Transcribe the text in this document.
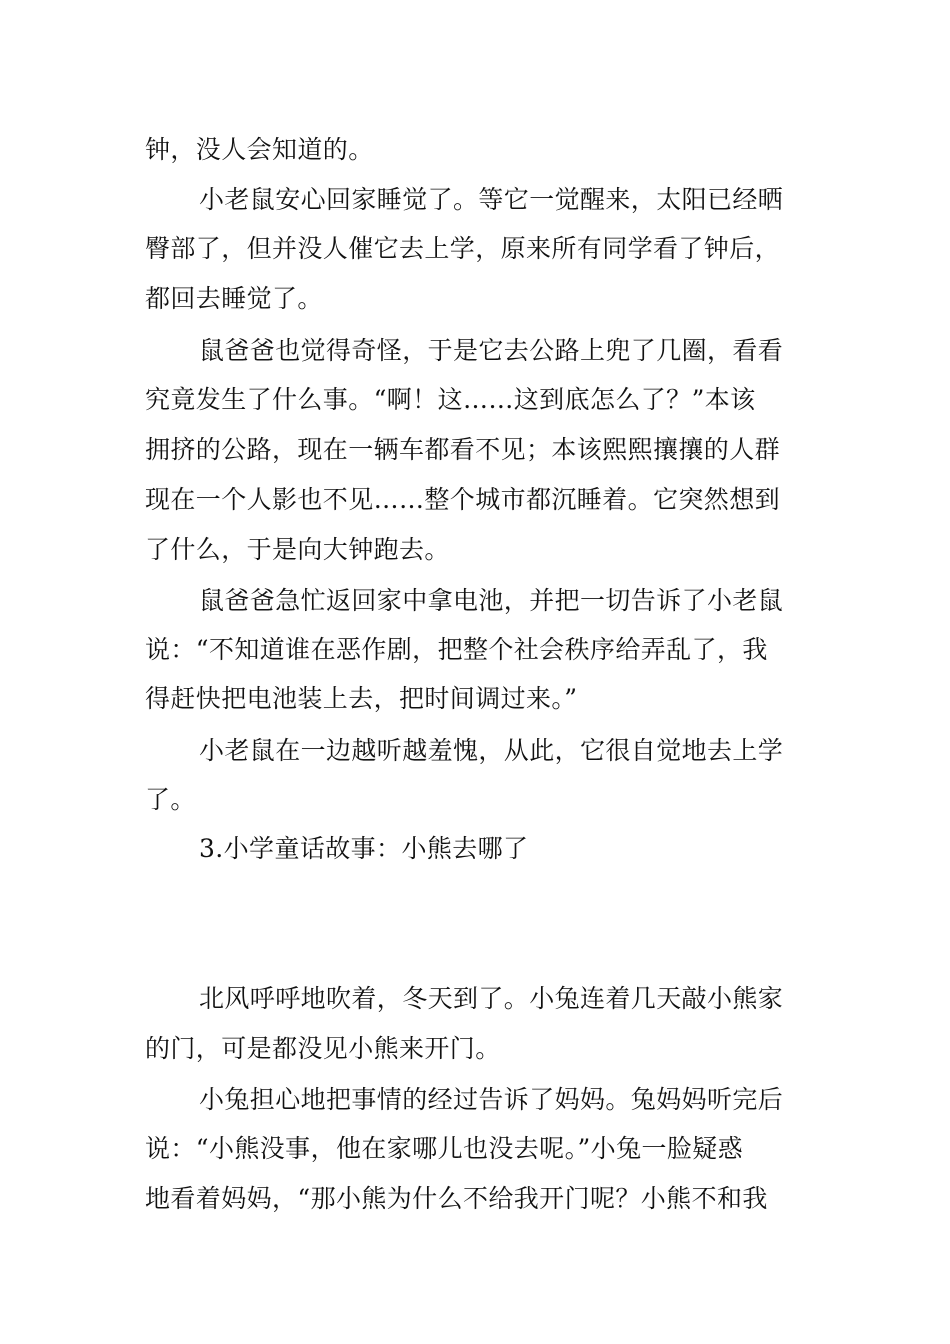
钟，没人会知道的。
小老鼠安心回家睡觉了。等它一觉醒来，太阳已经晒
臀部了，但并没人催它去上学，原来所有同学看了钟后，
都回去睡觉了。
鼠爸爸也觉得奇怪，于是它去公路上兜了几圈，看看
究竟发生了什么事。“啊！这……这到底怎么了？”本该
拥挤的公路，现在一辆车都看不见；本该熙熙攘攘的人群
现在一个人影也不见……整个城市都沉睡着。它突然想到
了什么，于是向大钟跑去。
鼠爸爸急忙返回家中拿电池，并把一切告诉了小老鼠
说：“不知道谁在恶作剧，把整个社会秩序给弄乱了，我
得赶快把电池装上去，把时间调过来。”
小老鼠在一边越听越羞愧，从此，它很自觉地去上学
了。
3.小学童话故事：小熊去哪了
北风呼呼地吹着，冬天到了。小兔连着几天敲小熊家
的门，可是都没见小熊来开门。
小兔担心地把事情的经过告诉了妈妈。兔妈妈听完后
说：“小熊没事，他在家哪儿也没去呢。”小兔一脸疑惑
地看着妈妈，“那小熊为什么不给我开门呢？小熊不和我
